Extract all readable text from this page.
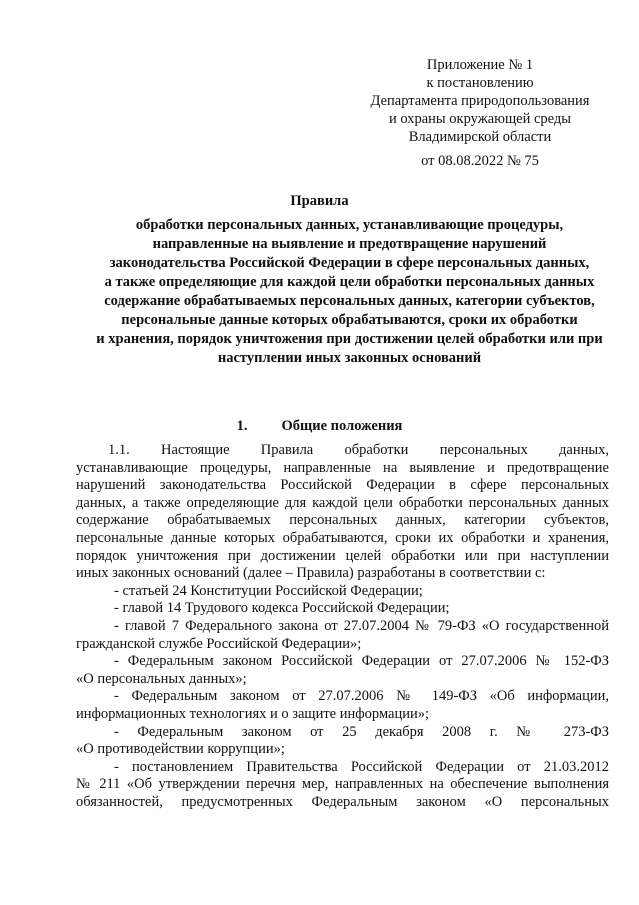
Приложение № 1
к постановлению
Департамента природопользования
и охраны окружающей среды
Владимирской области
от 08.08.2022 № 75
Правила
обработки персональных данных, устанавливающие процедуры,
направленные на выявление и предотвращение нарушений
законодательства Российской Федерации в сфере персональных данных,
а также определяющие для каждой цели обработки персональных данных
содержание обрабатываемых персональных данных, категории субъектов,
персональные данные которых обрабатываются, сроки их обработки
и хранения, порядок уничтожения при достижении целей обработки или при
наступлении иных законных оснований
1. Общие положения
1.1. Настоящие Правила обработки персональных данных,
устанавливающие процедуры, направленные на выявление и предотвращение
нарушений законодательства Российской Федерации в сфере персональных
данных, а также определяющие для каждой цели обработки персональных данных
содержание обрабатываемых персональных данных, категории субъектов,
персональные данные которых обрабатываются, сроки их обработки и хранения,
порядок уничтожения при достижении целей обработки или при наступлении
иных законных оснований (далее – Правила) разработаны в соответствии с:
- статьей 24 Конституции Российской Федерации;
- главой 14 Трудового кодекса Российской Федерации;
- главой 7 Федерального закона от 27.07.2004 № 79-ФЗ «О государственной
гражданской службе Российской Федерации»;
- Федеральным законом Российской Федерации от 27.07.2006 № 152-ФЗ
«О персональных данных»;
- Федеральным законом от 27.07.2006 № 149-ФЗ «Об информации,
информационных технологиях и о защите информации»;
- Федеральным законом от 25 декабря 2008 г. № 273-ФЗ
«О противодействии коррупции»;
- постановлением Правительства Российской Федерации от 21.03.2012
№ 211 «Об утверждении перечня мер, направленных на обеспечение выполнения
обязанностей, предусмотренных Федеральным законом «О персональных
